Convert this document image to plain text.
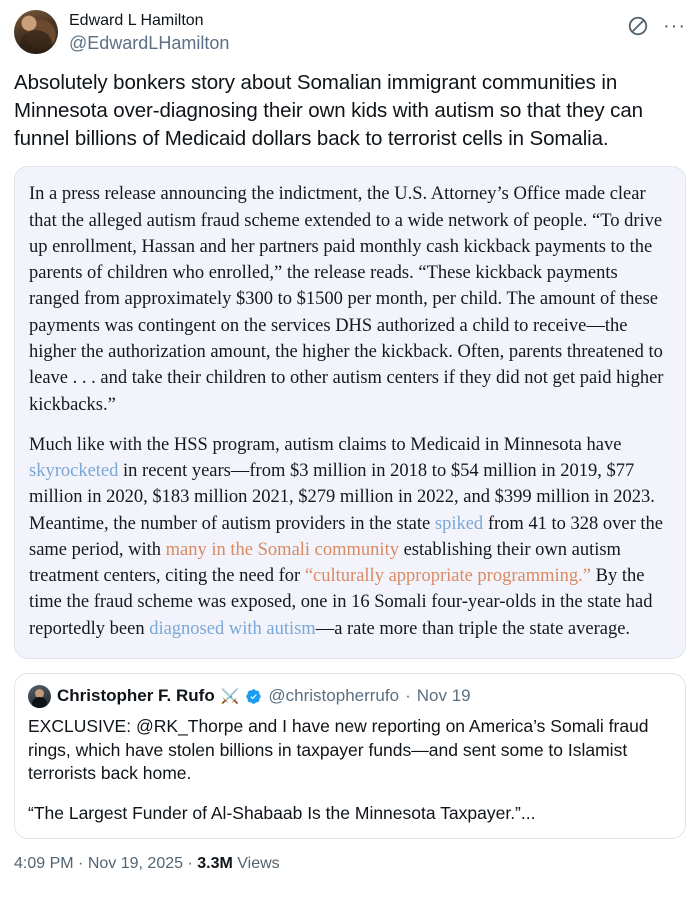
Edward L Hamilton
@EdwardLHamilton
···
Absolutely bonkers story about Somalian immigrant communities in Minnesota over-diagnosing their own kids with autism so that they can funnel billions of Medicaid dollars back to terrorist cells in Somalia.

In a press release announcing the indictment, the U.S. Attorney’s Office made clear that the alleged autism fraud scheme extended to a wide network of people. “To drive up enrollment, Hassan and her partners paid monthly cash kickback payments to the parents of children who enrolled,” the release reads. “These kickback payments ranged from approximately $300 to $1500 per month, per child. The amount of these payments was contingent on the services DHS authorized a child to receive—the higher the authorization amount, the higher the kickback. Often, parents threatened to leave . . . and take their children to other autism centers if they did not get paid higher kickbacks.”

Much like with the HSS program, autism claims to Medicaid in Minnesota have skyrocketed in recent years—from $3 million in 2018 to $54 million in 2019, $77 million in 2020, $183 million 2021, $279 million in 2022, and $399 million in 2023. Meantime, the number of autism providers in the state spiked from 41 to 328 over the same period, with many in the Somali community establishing their own autism treatment centers, citing the need for “culturally appropriate programming.” By the time the fraud scheme was exposed, one in 16 Somali four-year-olds in the state had reportedly been diagnosed with autism—a rate more than triple the state average.

Christopher F. Rufo ⚔️ @christopherrufo · Nov 19

EXCLUSIVE: @RK_Thorpe and I have new reporting on America’s Somali fraud rings, which have stolen billions in taxpayer funds—and sent some to Islamist terrorists back home.

“The Largest Funder of Al-Shabaab Is the Minnesota Taxpayer.”...

4:09 PM · Nov 19, 2025 · 3.3M Views
